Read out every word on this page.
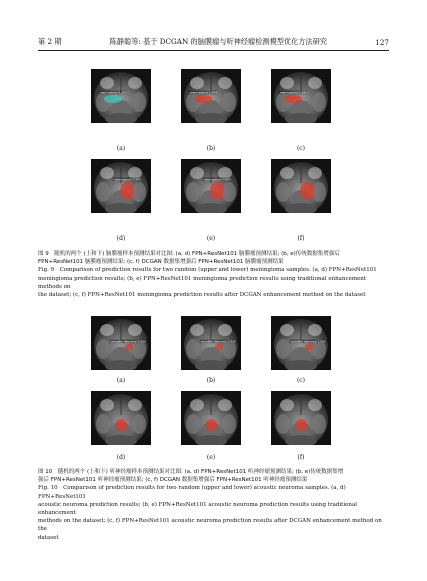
第 2 期	陈静聪等: 基于 DCGAN 的脑膜瘤与听神经瘤检测模型优化方法研究	127
meningioma 1,000	meningioma 0,944	meningioma 0,986
(a)	(b)	(c)
meningioma 0,990	meningioma 0,990
(d)	(e)	(f)
图 9　随机的两个 (上和下) 脑膜瘤样本预测结果对比图: (a, d) FPN+ResNet101 脑膜瘤预测结果; (b, e)传统数据集增强后
FPN+ResNet101 脑膜瘤预测结果; (c, f) DCGAN 数据集增强后 FPN+ResNet101 脑膜瘤预测结果
Fig. 9　Comparison of prediction results for two random (upper and lower) meningioma samples. (a, d) FPN+ResNet101
meningioma prediction results; (b, e) FPN+ResNet101 meningioma prediction results using traditional enhancement methods on
the dataset; (c, f) FPN+ResNet101 meningioma prediction results after DCGAN enhancement method on the dataset
acoustic neuroma 1,000	acoustic neuroma 1,000	acoustic neuroma 1,000
(a)	(b)	(c)
(d)	(e)	(f)
图 10　随机的两个 (上和下) 听神经瘤样本预测结果对比图: (a, d) FPN+ResNet101 听神经瘤预测结果; (b, e)传统数据集增
强后 FPN+ResNet101 听神经瘤预测结果; (c, f) DCGAN 数据集增强后 FPN+ResNet101 听神经瘤预测结果
Fig. 10　Comparison of prediction results for two random (upper and lower) acoustic neuroma samples. (a, d) FPN+ResNet101
acoustic neuroma prediction results; (b, e) FPN+ResNet101 acoustic neuroma prediction results using traditional enhancement
methods on the dataset; (c, f) FPN+ResNet101 acoustic neuroma prediction results after DCGAN enhancement method on the
dataset
